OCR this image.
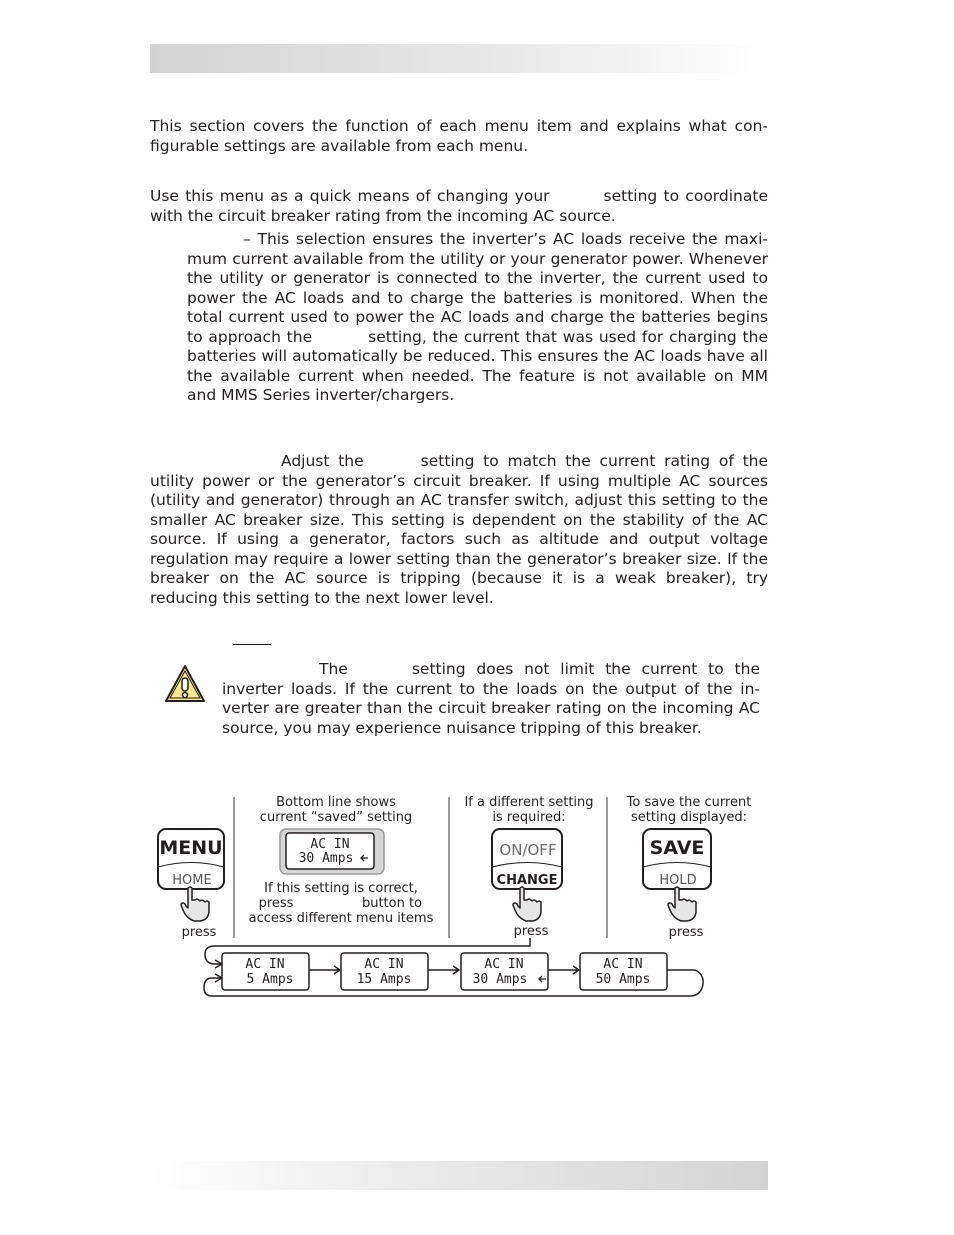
This section covers the function of each menu item and explains what con-figurable settings are available from each menu.

Use this menu as a quick means of changing your	setting to coordinate with the circuit breaker rating from the incoming AC source.

– This selection ensures the inverter’s AC loads receive the maxi-mum current available from the utility or your generator power. Whenever the utility or generator is connected to the inverter, the current used to power the AC loads and to charge the batteries is monitored. When the total current used to power the AC loads and charge the batteries begins to approach the	setting, the current that was used for charging the batteries will automatically be reduced. This ensures the AC loads have all the available current when needed. The feature is not available on MM and MMS Series inverter/chargers.

Adjust the	setting to match the current rating of the utility power or the generator’s circuit breaker. If using multiple AC sources (utility and generator) through an AC transfer switch, adjust this setting to the smaller AC breaker size. This setting is dependent on the stability of the AC source. If using a generator, factors such as altitude and output voltage regulation may require a lower setting than the generator’s breaker size. If the breaker on the AC source is tripping (because it is a weak breaker), try reducing this setting to the next lower level.

The	setting does not limit the current to the inverter loads. If the current to the loads on the output of the in-verter are greater than the circuit breaker rating on the incoming AC source, you may experience nuisance tripping of this breaker.

MENU
HOME
press
Bottom line shows
current “saved” setting
AC IN
30 Amps
If this setting is correct,
press	button to
access different menu items
If a different setting
is required:
ON/OFF
CHANGE
press
To save the current
setting displayed:
SAVE
HOLD
press
AC IN
5 Amps
AC IN
15 Amps
AC IN
30 Amps
AC IN
50 Amps
